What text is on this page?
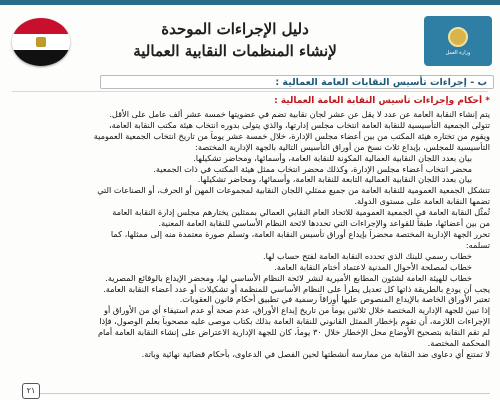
دليل الإجراءات الموحدة
لإنشاء المنظمات النقابية العمالية	وزارة العمل
ب - إجراءات تأسيس النقابات العامة العمالية :
* أحكام وإجراءات تأسيس النقابة العامة العمالية :
يتم إنشاء النقابة العامة عن عدد لا يقل عن عشر لجان نقابية تضم في عضويتها خمسة عشر ألف عامل على الأقل.
تتولى الجمعية التأسيسية للنقابة العامة انتخاب مجلس إدارتها، والذي يتولى بدوره انتخاب هيئة مكتب النقابة العامة،
ويقوم من تختاره هيئة المكتب من بين أعضاء مجلس الإدارة، خلال خمسة عشر يوماً من تاريخ انتخاب الجمعية العمومية
التأسيسية للمجلس، بإيداع ثلاث نسخ من أوراق التأسيس التالية بالجهة الإدارية المختصة:
بيان بعدد اللجان النقابية العمالية المكونة للنقابة العامة، وأسمائها، ومحاضر تشكيلها.
محضر انتخاب أعضاء مجلس الإدارة، وكذلك محضر انتخاب ممثل هيئة المكتب في ذات الجمعية.
بيان بعدد اللجان النقابية العمالية التابعة للنقابة العامة، وأسمائها، ومحاضر تشكيلها.
تتشكل الجمعية العمومية للنقابة العامة من جميع ممثلي اللجان النقابية لمجموعات المهن أو الحرف، أو الصناعات التي
تضمها النقابة العامة على مستوى الدولة.
تُمثّل النقابة العامة في الجمعية العمومية للاتحاد العام النقابي العمالي بممثلين يختارهم مجلس إدارة النقابة العامة
من بين أعضائها، طبقاً للقواعد والإجراءات التي تحددها لائحة النظام الأساسي للنقابة العامة المعنية.
تحرر الجهة الإدارية المختصة محضراً بإيداع أوراق تأسيس النقابة العامة، وتسلم صورة معتمدة منه إلى ممثلها، كما
تسلمه:
خطاب رسمي للبنك الذي تحدده النقابة العامة لفتح حساب لها.
خطاب لمصلحة الأحوال المدنية لاعتماد أختام النقابة العامة.
خطاب للهيئة العامة لشئون المطابع الأميرية لنشر لائحة النظام الأساسي لها، ومحضر الإيداع بالوقائع المصرية.
يجب أن يودع بالطريقة ذاتها كل تعديل يطرأ على النظام الأساسي للمنظمة أو تشكيلات أو عدد أعضاء النقابة العامة.
تعتبر الأوراق الخاصة بالإيداع المنصوص عليها أوراقاً رسمية في تطبيق أحكام قانون العقوبات.
إذا تبين للجهة الإدارية المختصة خلال ثلاثين يوماً من تاريخ إيداع الأوراق، عدم صحة أو عدم استيفاء أي من الأوراق أو
الإجراءات اللازمة، أن تقوم بإخطار الممثل القانوني للنقابة العامة بذلك بكتاب موصى عليه مصحوباً بعلم الوصول، فإذا
لم تقم النقابة بتصحيح الأوضاع محل الإخطار خلال ٣٠ يوماً، كان للجهة الإدارية الاعتراض على إنشاء النقابة العامة أمام
المحكمة المختصة.
لا تمتنع أي دعاوى ضد النقابة من ممارسة أنشطتها لحين الفصل في الدعاوى، بأحكام قضائية نهائية وباتة.
٢١
